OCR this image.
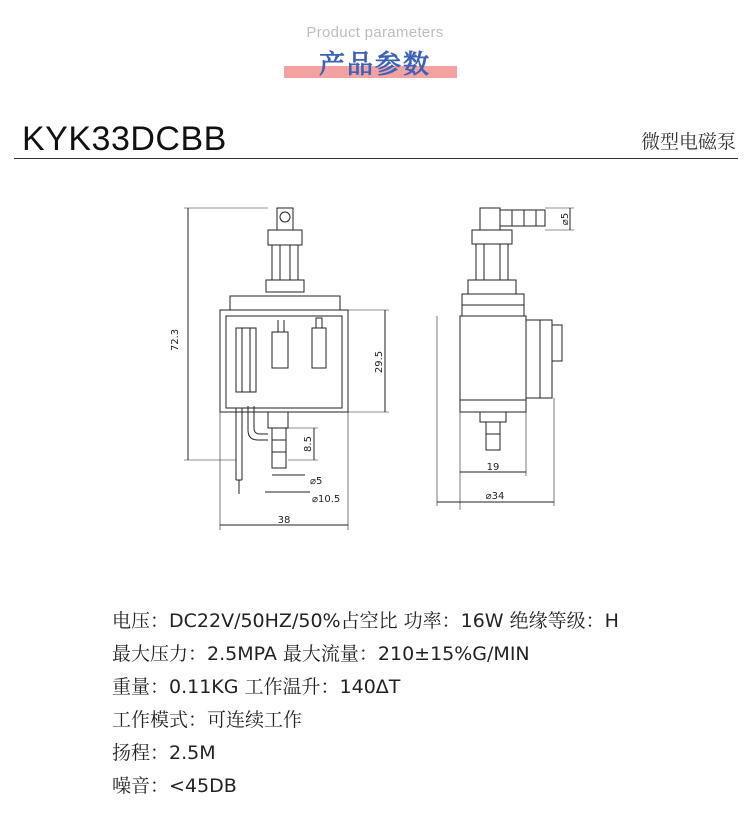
Product parameters
产品参数
KYK33DCBB	微型电磁泵
72.3
29.5
8.5
⌀5
⌀10.5
38
⌀5
19
⌀34
电压：DC22V/50HZ/50%占空比 功率：16W 绝缘等级：H
最大压力：2.5MPA 最大流量：210±15%G/MIN
重量：0.11KG 工作温升：140ΔT
工作模式：可连续工作
扬程：2.5M
噪音：<45DB
